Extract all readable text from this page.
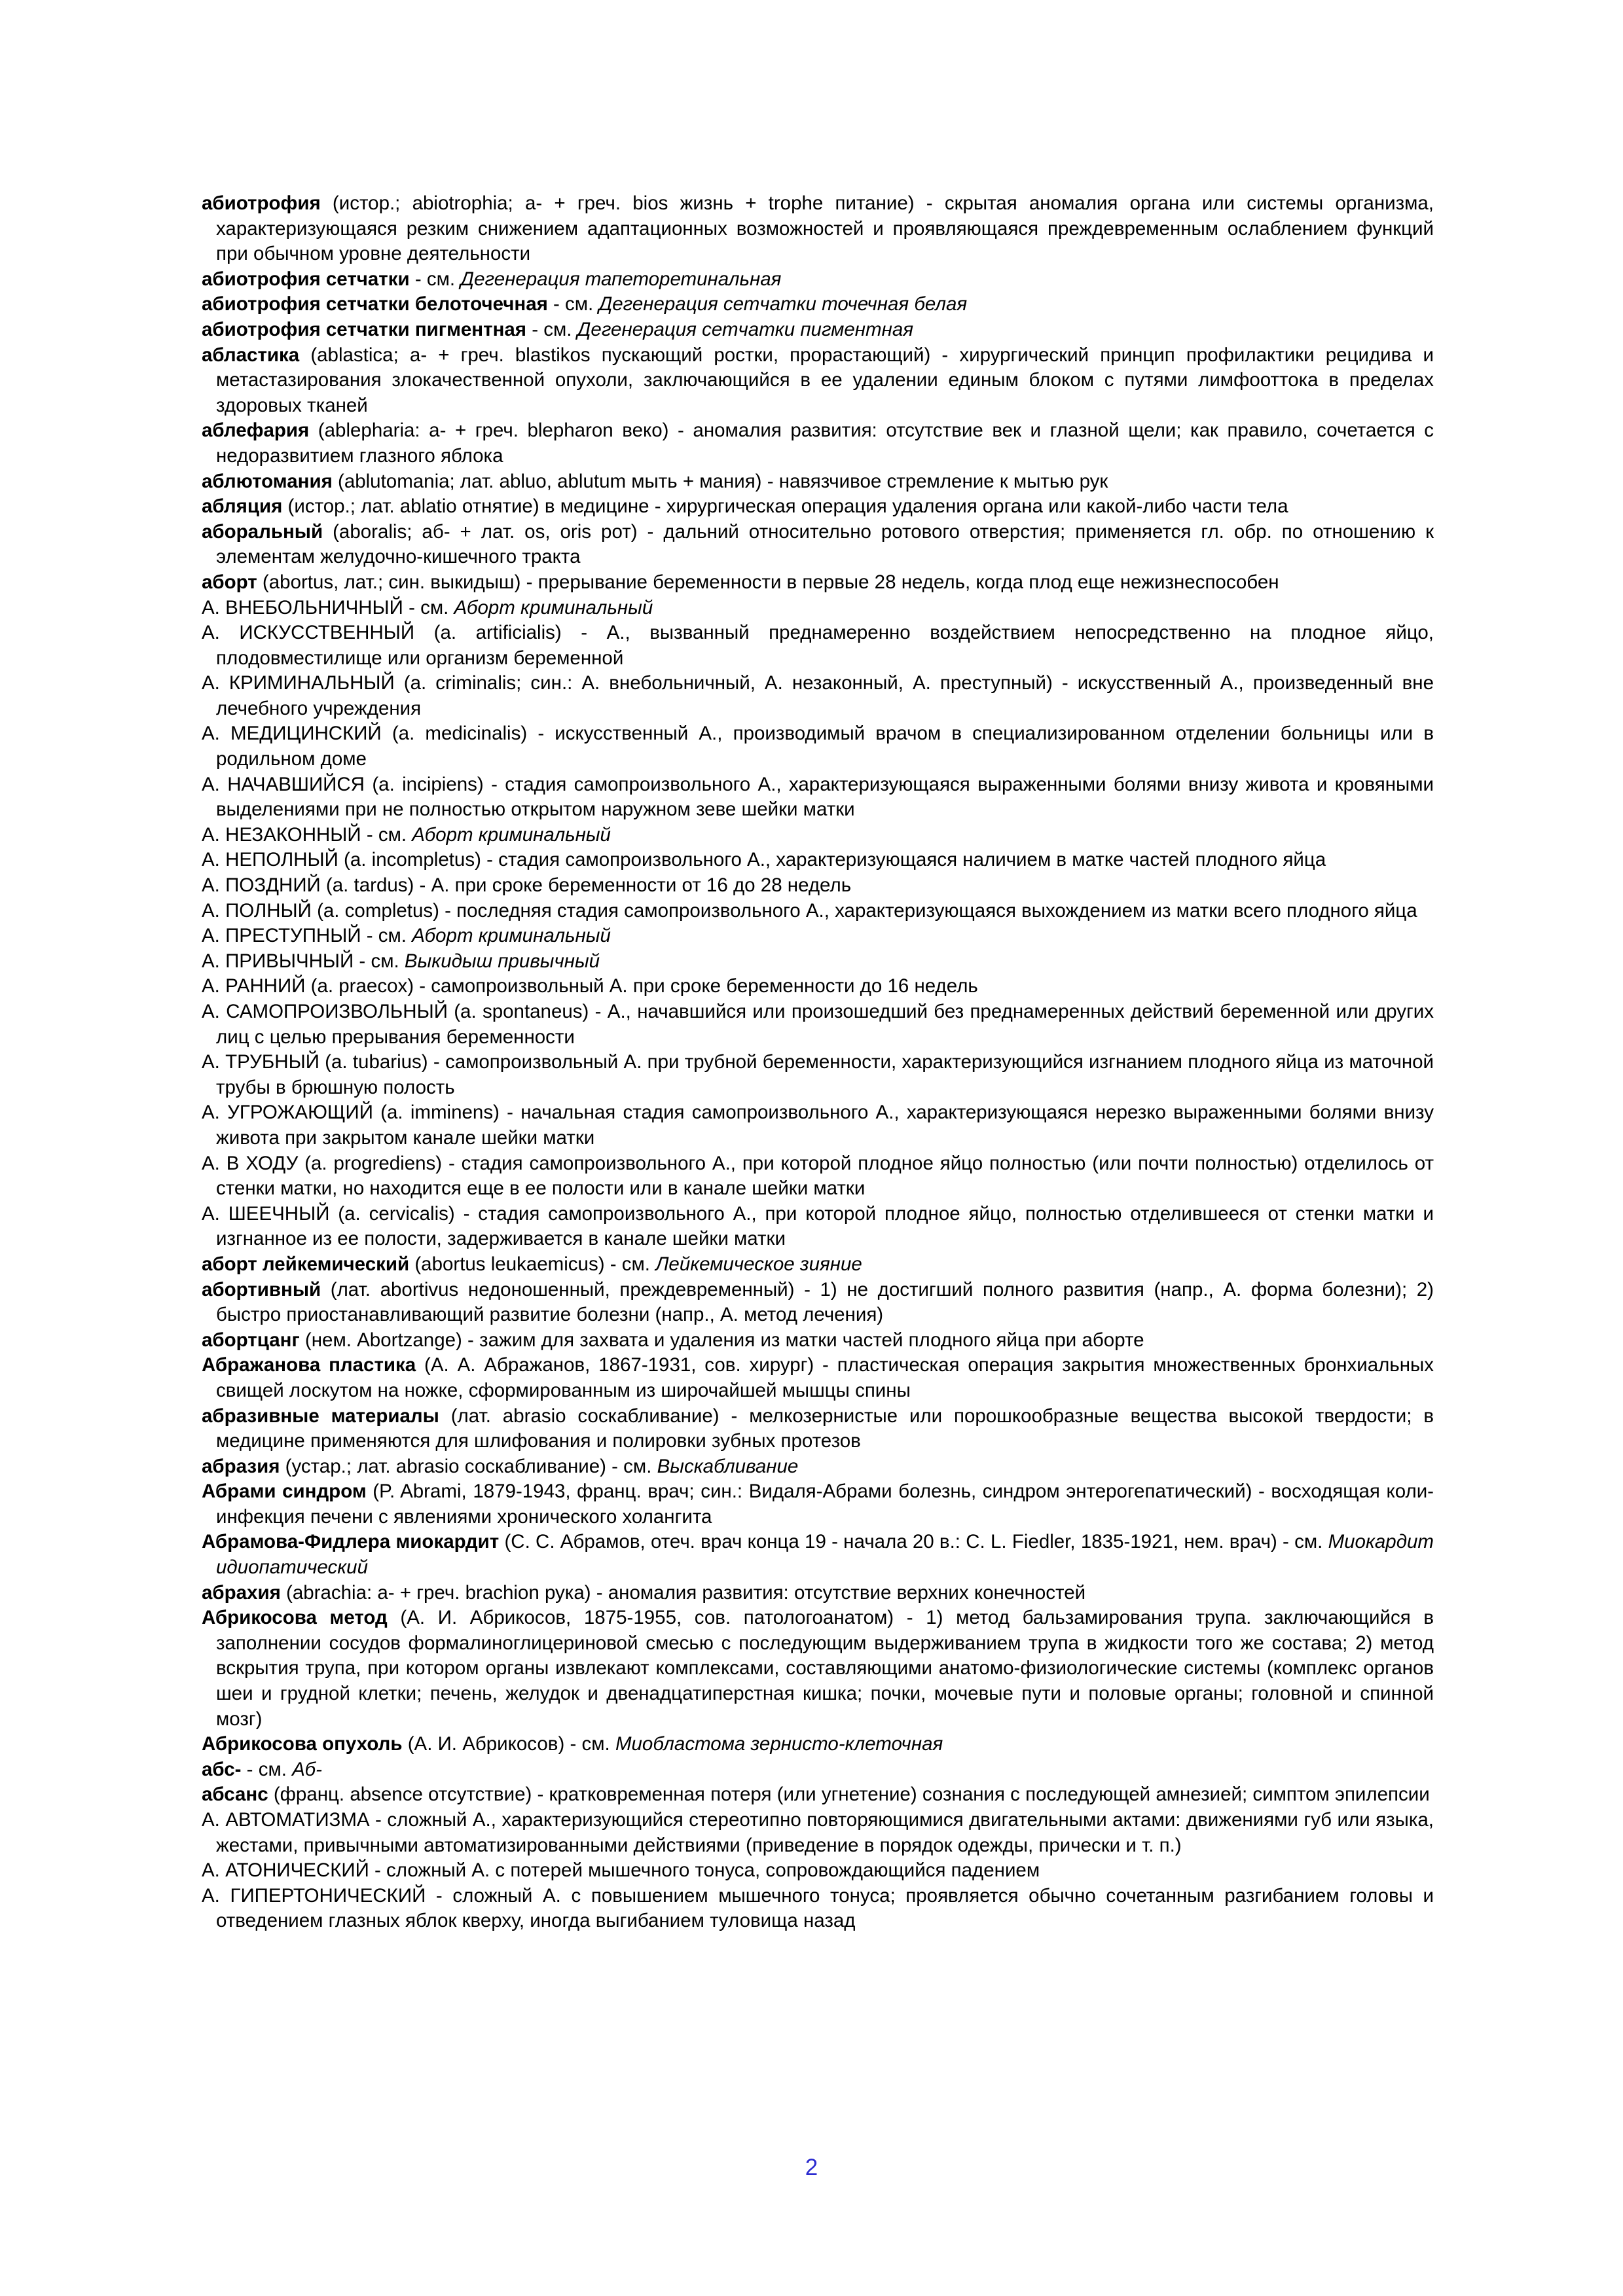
абиотрофия (истор.; abiotrophia; а- + греч. bios жизнь + trophe питание) - скрытая аномалия органа или системы организма, характеризующаяся резким снижением адаптационных возможностей и проявляющаяся преждевременным ослаблением функций при обычном уровне деятельности

абиотрофия сетчатки - см. Дегенерация тапеторетинальная

абиотрофия сетчатки белоточечная - см. Дегенерация сетчатки точечная белая

абиотрофия сетчатки пигментная - см. Дегенерация сетчатки пигментная

абластика (ablastica; а- + греч. blastikos пускающий ростки, прорастающий) - хирургический принцип профилактики рецидива и метастазирования злокачественной опухоли, заключающийся в ее удалении единым блоком с путями лимфооттока в пределах здоровых тканей

аблефария (ablepharia: а- + греч. blepharon веко) - аномалия развития: отсутствие век и глазной щели; как правило, сочетается с недоразвитием глазного яблока

аблютомания (ablutomania; лат. abluo, ablutum мыть + мания) - навязчивое стремление к мытью рук

абляция (истор.; лат. ablatio отнятие) в медицине - хирургическая операция удаления органа или какой-либо части тела

аборальный (aboralis; аб- + лат. os, oris рот) - дальний относительно ротового отверстия; применяется гл. обр. по отношению к элементам желудочно-кишечного тракта

аборт (abortus, лат.; син. выкидыш) - прерывание беременности в первые 28 недель, когда плод еще нежизнеспособен

А. ВНЕБОЛЬНИЧНЫЙ - см. Аборт криминальный

А. ИСКУССТВЕННЫЙ (a. artificialis) - А., вызванный преднамеренно воздействием непосредственно на плодное яйцо, плодовместилище или организм беременной

А. КРИМИНАЛЬНЫЙ (a. criminalis; син.: А. внебольничный, А. незаконный, А. преступный) - искусственный А., произведенный вне лечебного учреждения

А. МЕДИЦИНСКИЙ (a. medicinalis) - искусственный А., производимый врачом в специализированном отделении больницы или в родильном доме

А. НАЧАВШИЙСЯ (a. incipiens) - стадия самопроизвольного А., характеризующаяся выраженными болями внизу живота и кровяными выделениями при не полностью открытом наружном зеве шейки матки

А. НЕЗАКОННЫЙ - см. Аборт криминальный

А. НЕПОЛНЫЙ (a. incompletus) - стадия самопроизвольного А., характеризующаяся наличием в матке частей плодного яйца

А. ПОЗДНИЙ (a. tardus) - А. при сроке беременности от 16 до 28 недель

А. ПОЛНЫЙ (a. completus) - последняя стадия самопроизвольного А., характеризующаяся выхождением из матки всего плодного яйца

А. ПРЕСТУПНЫЙ - см. Аборт криминальный

А. ПРИВЫЧНЫЙ - см. Выкидыш привычный

А. РАННИЙ (a. praecox) - самопроизвольный А. при сроке беременности до 16 недель

А. САМОПРОИЗВОЛЬНЫЙ (a. spontaneus) - А., начавшийся или произошедший без преднамеренных действий беременной или других лиц с целью прерывания беременности

А. ТРУБНЫЙ (a. tubarius) - самопроизвольный А. при трубной беременности, характеризующийся изгнанием плодного яйца из маточной трубы в брюшную полость

А. УГРОЖАЮЩИЙ (a. imminens) - начальная стадия самопроизвольного А., характеризующаяся нерезко выраженными болями внизу живота при закрытом канале шейки матки

А. В ХОДУ (a. progrediens) - стадия самопроизвольного А., при которой плодное яйцо полностью (или почти полностью) отделилось от стенки матки, но находится еще в ее полости или в канале шейки матки

А. ШЕЕЧНЫЙ (a. cervicalis) - стадия самопроизвольного А., при которой плодное яйцо, полностью отделившееся от стенки матки и изгнанное из ее полости, задерживается в канале шейки матки

аборт лейкемический (abortus leukaemicus) - см. Лейкемическое зияние

абортивный (лат. abortivus недоношенный, преждевременный) - 1) не достигший полного развития (напр., А. форма болезни); 2) быстро приостанавливающий развитие болезни (напр., А. метод лечения)

абортцанг (нем. Abortzange) - зажим для захвата и удаления из матки частей плодного яйца при аборте

Абражанова пластика (А. А. Абражанов, 1867-1931, сов. хирург) - пластическая операция закрытия множественных бронхиальных свищей лоскутом на ножке, сформированным из широчайшей мышцы спины

абразивные материалы (лат. abrasio соскабливание) - мелкозернистые или порошкообразные вещества высокой твердости; в медицине применяются для шлифования и полировки зубных протезов

абразия (устар.; лат. abrasio соскабливание) - см. Выскабливание

Абрами синдром (P. Abrami, 1879-1943, франц. врач; син.: Видаля-Абрами болезнь, синдром энтерогепатический) - восходящая коли-инфекция печени с явлениями хронического холангита

Абрамова-Фидлера миокардит (С. С. Абрамов, отеч. врач конца 19 - начала 20 в.: С. L. Fiedler, 1835-1921, нем. врач) - см. Миокардит идиопатический

абрахия (abrachia: а- + греч. brachion рука) - аномалия развития: отсутствие верхних конечностей

Абрикосова метод (А. И. Абрикосов, 1875-1955, сов. патологоанатом) - 1) метод бальзамирования трупа. заключающийся в заполнении сосудов формалиноглицериновой смесью с последующим выдерживанием трупа в жидкости того же состава; 2) метод вскрытия трупа, при котором органы извлекают комплексами, составляющими анатомо-физиологические системы (комплекс органов шеи и грудной клетки; печень, желудок и двенадцатиперстная кишка; почки, мочевые пути и половые органы; головной и спинной мозг)

Абрикосова опухоль (А. И. Абрикосов) - см. Миобластома зернисто-клеточная

абс- - см. Аб-

абсанс (франц. absence отсутствие) - кратковременная потеря (или угнетение) сознания с последующей амнезией; симптом эпилепсии

А. АВТОМАТИЗМА - сложный А., характеризующийся стереотипно повторяющимися двигательными актами: движениями губ или языка, жестами, привычными автоматизированными действиями (приведение в порядок одежды, прически и т. п.)

А. АТОНИЧЕСКИЙ - сложный А. с потерей мышечного тонуса, сопровождающийся падением

А. ГИПЕРТОНИЧЕСКИЙ - сложный А. с повышением мышечного тонуса; проявляется обычно сочетанным разгибанием головы и отведением глазных яблок кверху, иногда выгибанием туловища назад

2
